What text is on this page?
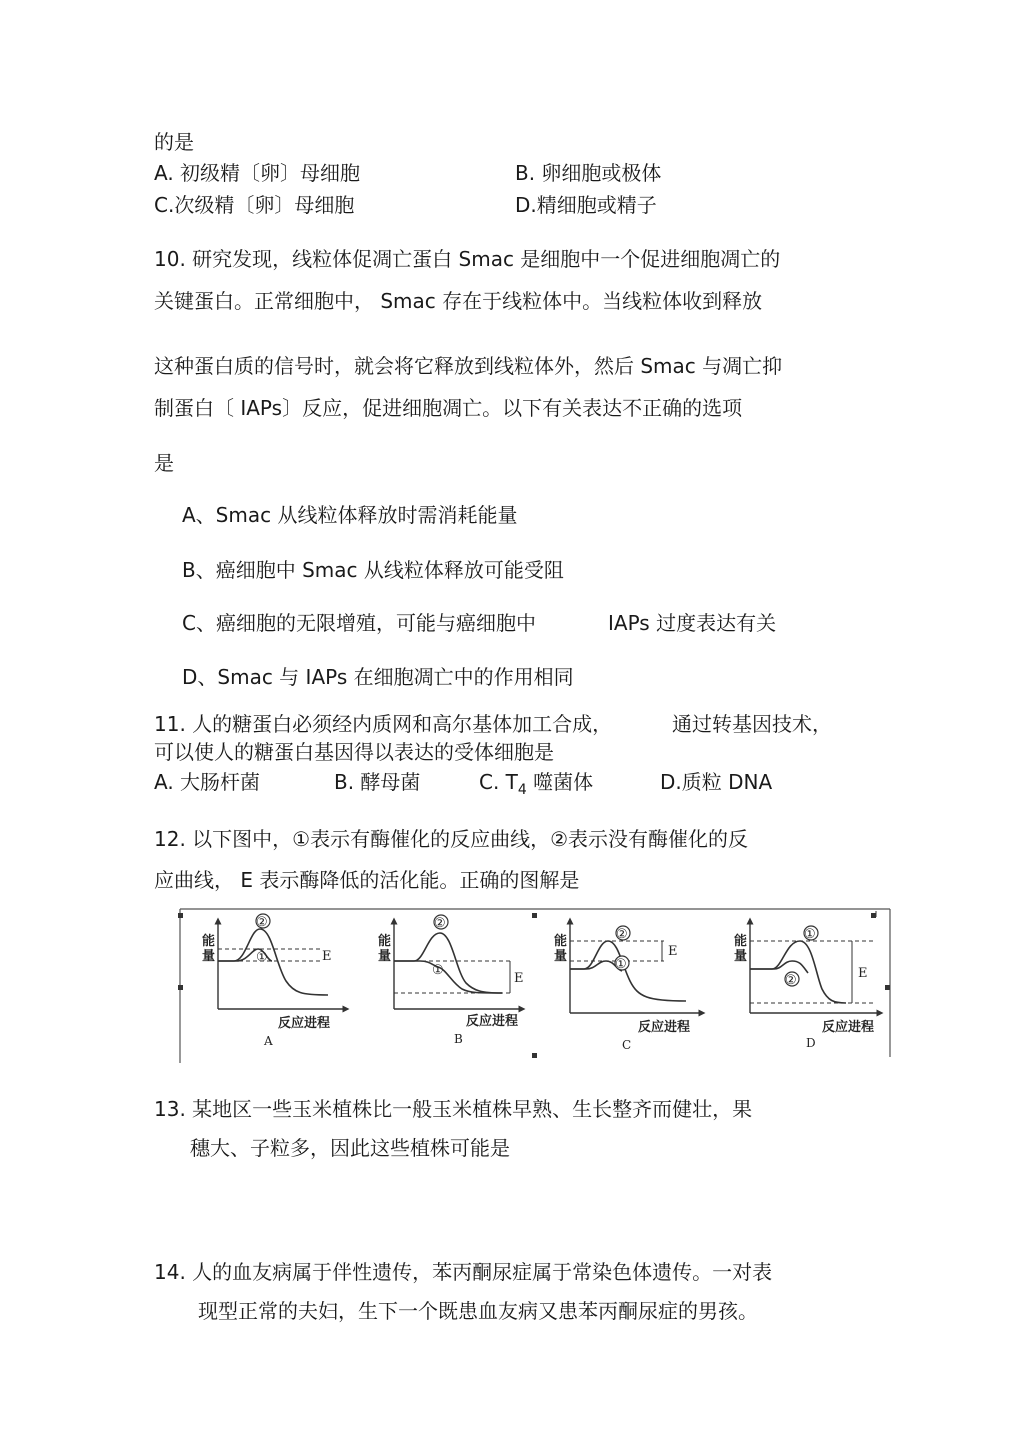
的是
A. 初级精〔卵〕母细胞	B. 卵细胞或极体
C.次级精〔卵〕母细胞	D.精细胞或精子
10. 研究发现，线粒体促凋亡蛋白 Smac 是细胞中一个促进细胞凋亡的
关键蛋白。正常细胞中， Smac 存在于线粒体中。当线粒体收到释放
这种蛋白质的信号时，就会将它释放到线粒体外，然后 Smac 与凋亡抑
制蛋白〔 IAPs〕反应，促进细胞凋亡。以下有关表达不正确的选项
是
A、Smac 从线粒体释放时需消耗能量
B、癌细胞中 Smac 从线粒体释放可能受阻
C、癌细胞的无限增殖，可能与癌细胞中	IAPs 过度表达有关
D、Smac 与 IAPs 在细胞凋亡中的作用相同
11. 人的糖蛋白必须经内质网和高尔基体加工合成，	通过转基因技术，
可以使人的糖蛋白基因得以表达的受体细胞是
A. 大肠杆菌	B. 酵母菌	C. $T_4$ 噬菌体	D.质粒 DNA
12. 以下图中，①表示有酶催化的反应曲线，②表示没有酶催化的反
应曲线， E 表示酶降低的活化能。正确的图解是
能
量
②
①	E
反应进程
A
能
量
②
①
E
反应进程
B
能
量
②
①
E
反应进程
C
能
量
①
②	E
反应进程
D
13. 某地区一些玉米植株比一般玉米植株早熟、生长整齐而健壮，果
穗大、子粒多，因此这些植株可能是
14. 人的血友病属于伴性遗传，苯丙酮尿症属于常染色体遗传。一对表
现型正常的夫妇，生下一个既患血友病又患苯丙酮尿症的男孩。
